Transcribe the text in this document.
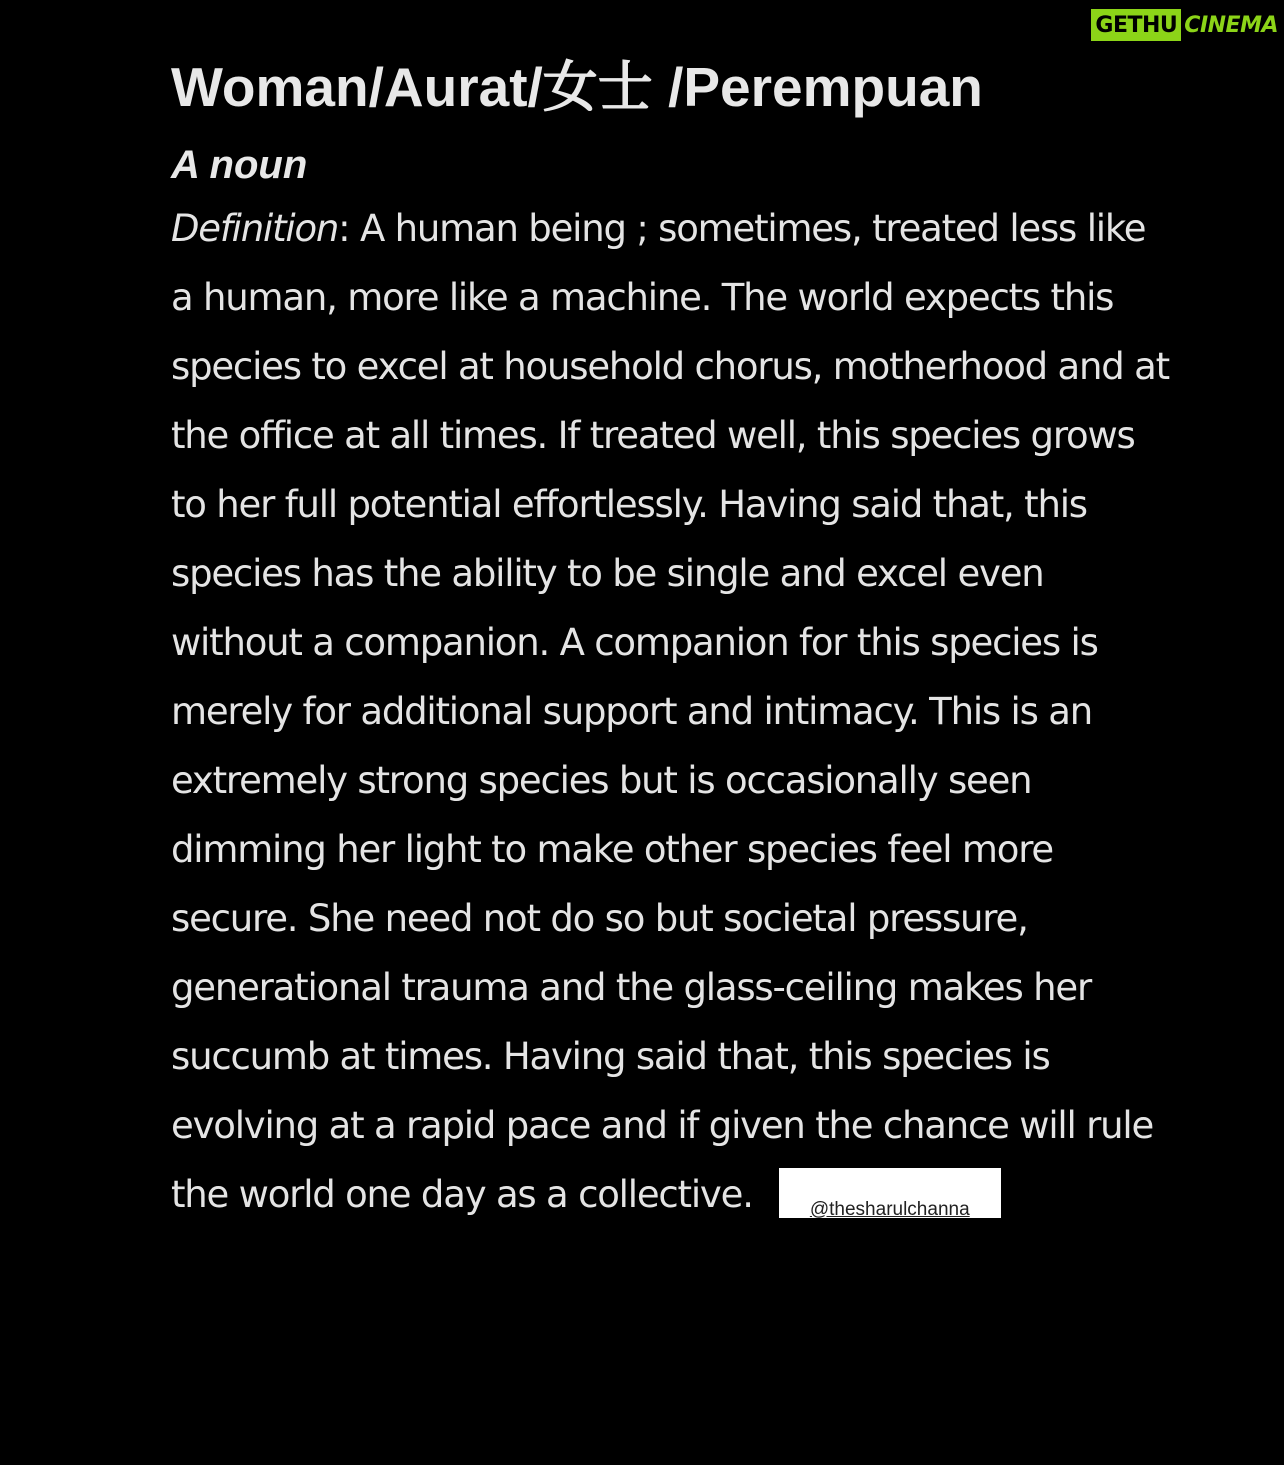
GETHU CINEMA
Woman/Aurat/女士 /Perempuan

A noun

Definition: A human being ; sometimes, treated less like a human, more like a machine. The world expects this species to excel at household chorus, motherhood and at the office at all times. If treated well, this species grows to her full potential effortlessly. Having said that, this species has the ability to be single and excel even without a companion. A companion for this species is merely for additional support and intimacy. This is an extremely strong species but is occasionally seen dimming her light to make other species feel more secure. She need not do so but societal pressure, generational trauma and the glass-ceiling makes her succumb at times. Having said that, this species is evolving at a rapid pace and if given the chance will rule the world one day as a collective.	@thesharulchanna
